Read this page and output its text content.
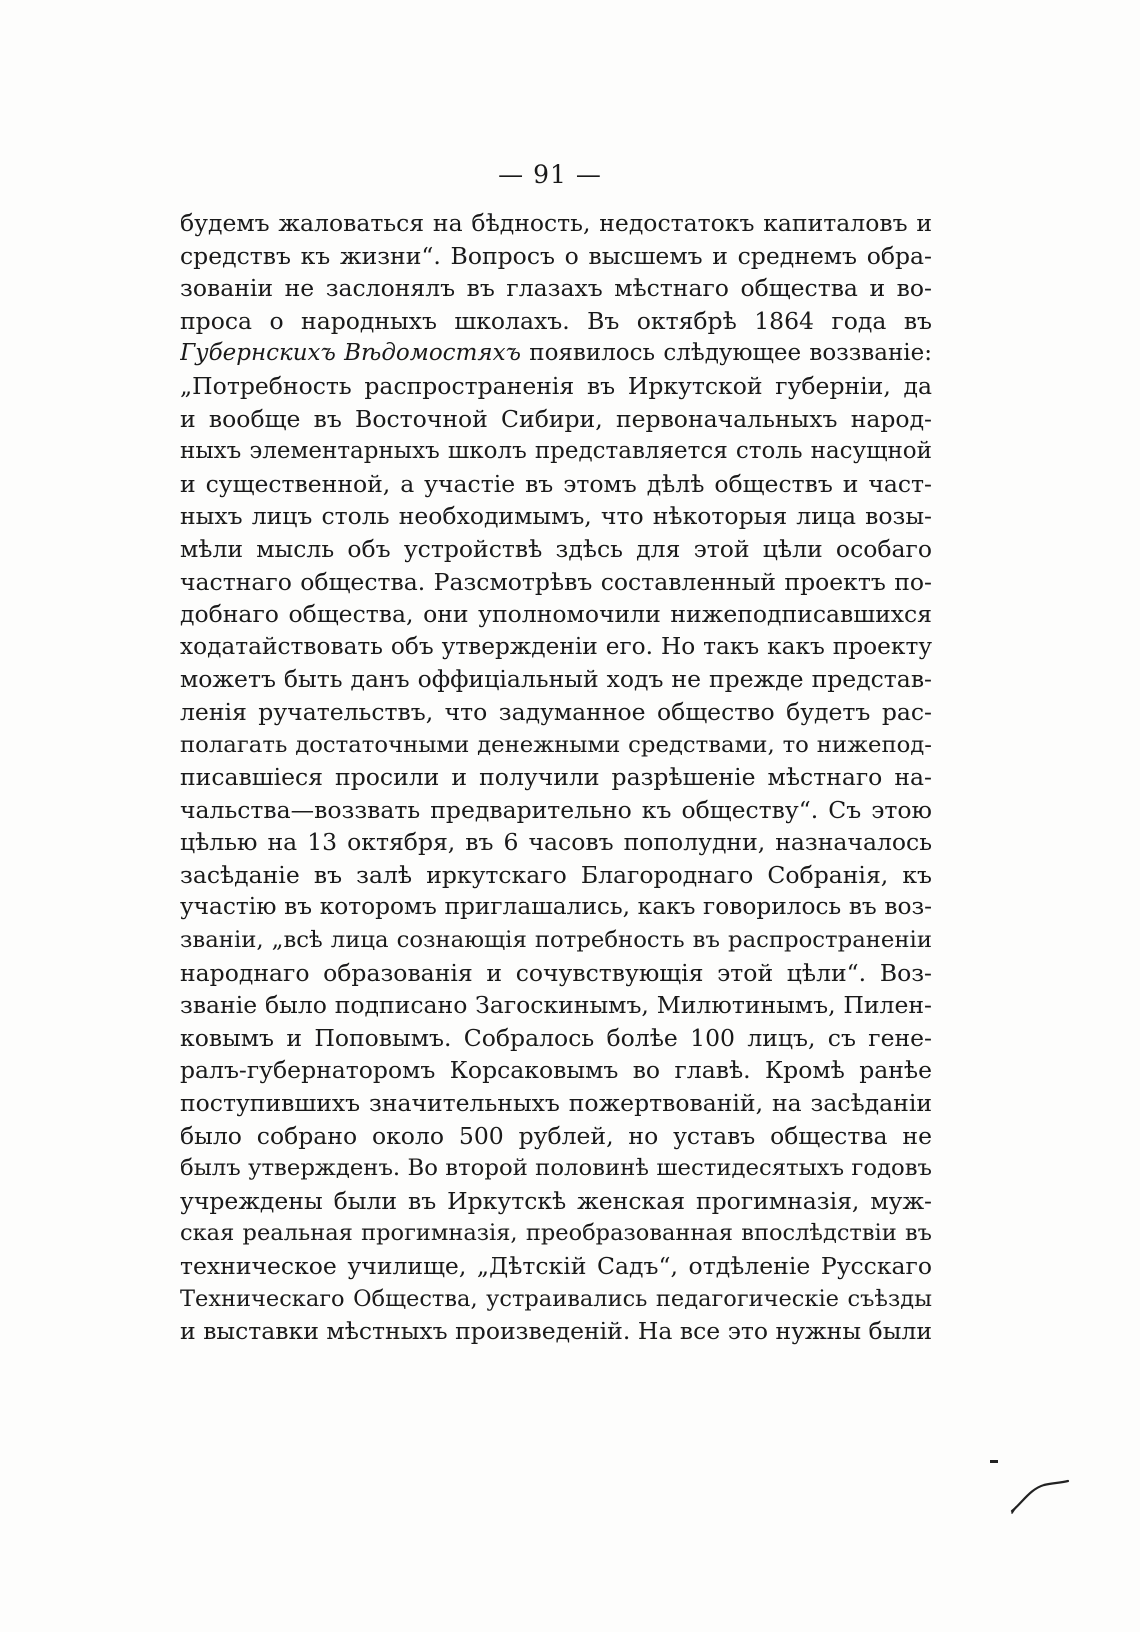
— 91 —
будемъ жаловаться на бѣдность, недостатокъ капиталовъ и
средствъ къ жизни“. Вопросъ о высшемъ и среднемъ обра-
зованіи не заслонялъ въ глазахъ мѣстнаго общества и во-
проса о народныхъ школахъ. Въ октябрѣ 1864 года въ
Губернскихъ Вѣдомостяхъ появилось слѣдующее воззваніе:
„Потребность распространенія въ Иркутской губерніи, да
и вообще въ Восточной Сибири, первоначальныхъ народ-
ныхъ элементарныхъ школъ представляется столь насущной
и существенной, а участіе въ этомъ дѣлѣ обществъ и част-
ныхъ лицъ столь необходимымъ, что нѣкоторыя лица возы-
мѣли мысль объ устройствѣ здѣсь для этой цѣли особаго
частнаго общества. Разсмотрѣвъ составленный проектъ по-
добнаго общества, они уполномочили нижеподписавшихся
ходатайствовать объ утвержденіи его. Но такъ какъ проекту
можетъ быть данъ оффиціальный ходъ не прежде представ-
ленія ручательствъ, что задуманное общество будетъ рас-
полагать достаточными денежными средствами, то нижепод-
писавшіеся просили и получили разрѣшеніе мѣстнаго на-
чальства—воззвать предварительно къ обществу“. Съ этою
цѣлью на 13 октября, въ 6 часовъ пополудни, назначалось
засѣданіе въ залѣ иркутскаго Благороднаго Собранія, къ
участію въ которомъ приглашались, какъ говорилось въ воз-
званіи, „всѣ лица сознающія потребность въ распространеніи
народнаго образованія и сочувствующія этой цѣли“. Воз-
званіе было подписано Загоскинымъ, Милютинымъ, Пилен-
ковымъ и Поповымъ. Собралось болѣе 100 лицъ, съ гене-
ралъ-губернаторомъ Корсаковымъ во главѣ. Кромѣ ранѣе
поступившихъ значительныхъ пожертвованій, на засѣданіи
было собрано около 500 рублей, но уставъ общества не
былъ утвержденъ. Во второй половинѣ шестидесятыхъ годовъ
учреждены были въ Иркутскѣ женская прогимназія, муж-
ская реальная прогимназія, преобразованная впослѣдствіи въ
техническое училище, „Дѣтскій Садъ“, отдѣленіе Русскаго
Техническаго Общества, устраивались педагогическіе съѣзды
и выставки мѣстныхъ произведеній. На все это нужны были
